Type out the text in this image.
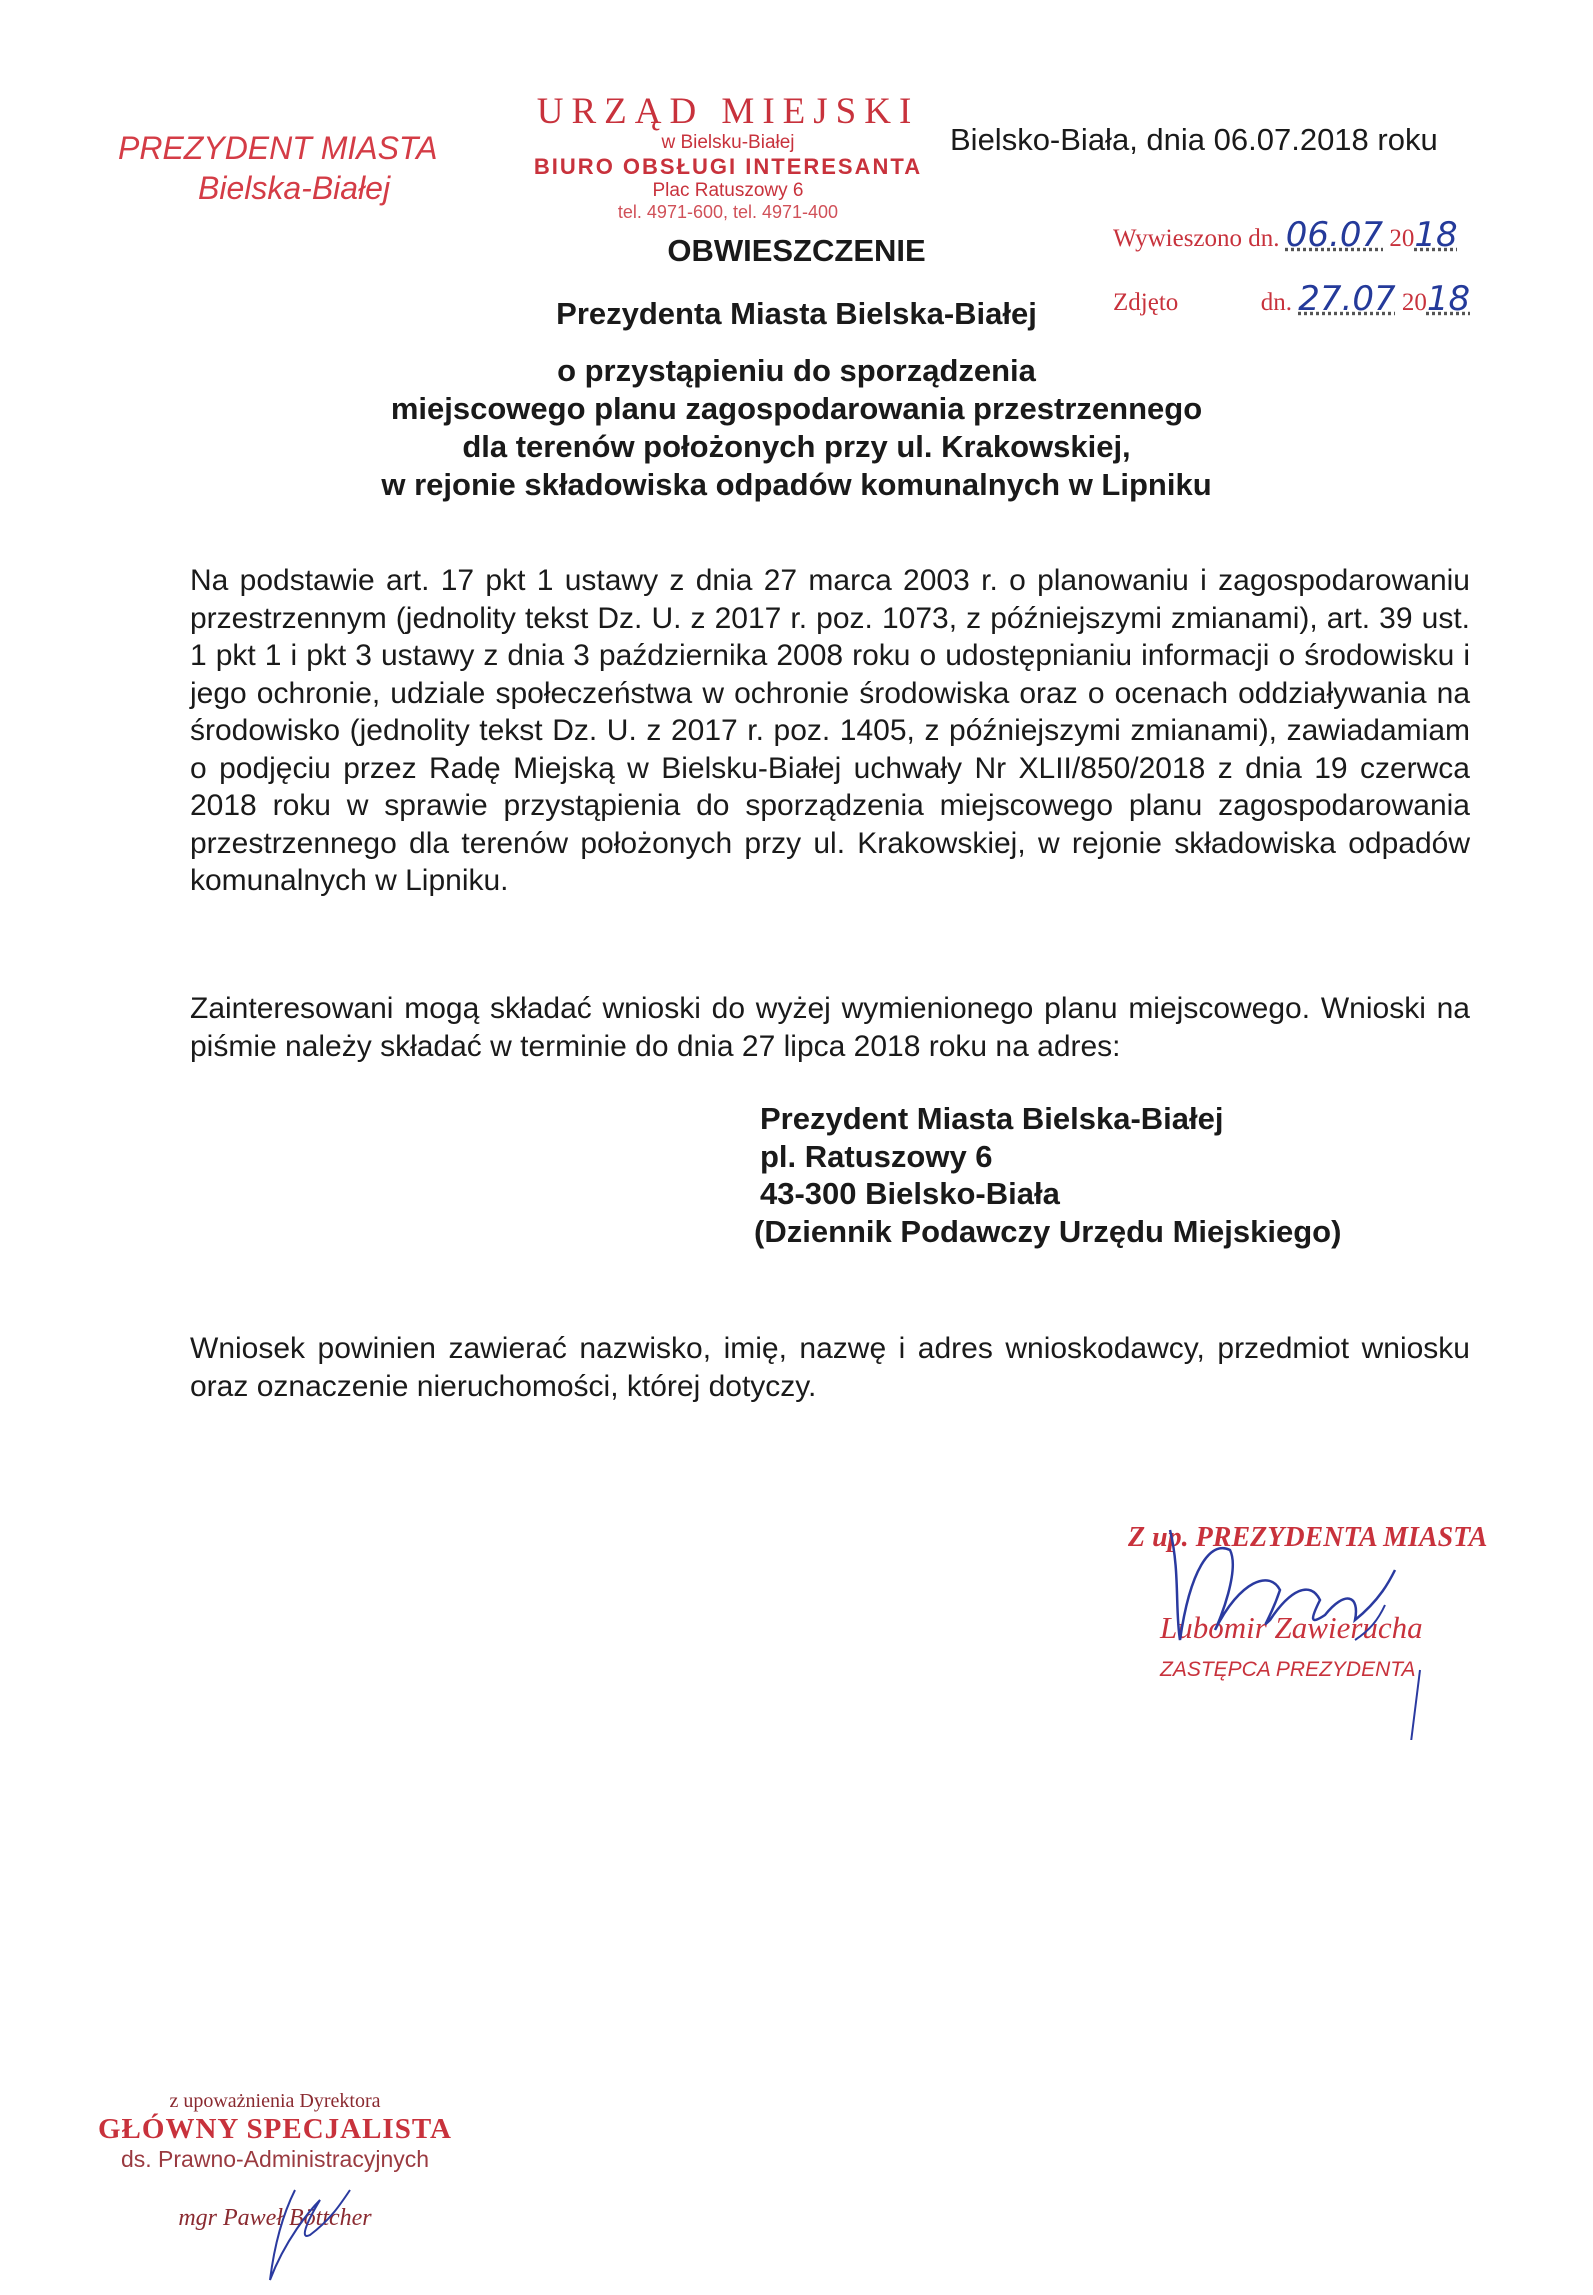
PREZYDENT MIASTA
Bielska-Białej
URZĄD MIEJSKI
w Bielsku-Białej
BIURO OBSŁUGI INTERESANTA
Plac Ratuszowy 6
tel. 4971-600, tel. 4971-400
Bielsko-Biała, dnia 06.07.2018 roku
Wywieszono dn. 06.07 2018
Zdjęto	dn. 27.07 2018
OBWIESZCZENIE
Prezydenta Miasta Bielska-Białej
o przystąpieniu do sporządzenia
miejscowego planu zagospodarowania przestrzennego
dla terenów położonych przy ul. Krakowskiej,
w rejonie składowiska odpadów komunalnych w Lipniku
Na podstawie art. 17 pkt 1 ustawy z dnia 27 marca 2003 r. o planowaniu i zagospodarowaniu przestrzennym (jednolity tekst Dz. U. z 2017 r. poz. 1073, z późniejszymi zmianami), art. 39 ust. 1 pkt 1 i pkt 3 ustawy z dnia 3 października 2008 roku o udostępnianiu informacji o środowisku i jego ochronie, udziale społeczeństwa w ochronie środowiska oraz o ocenach oddziaływania na środowisko (jednolity tekst Dz. U. z 2017 r. poz. 1405, z późniejszymi zmianami), zawiadamiam o podjęciu przez Radę Miejską w Bielsku-Białej uchwały Nr XLII/850/2018 z dnia 19 czerwca 2018 roku w sprawie przystąpienia do sporządzenia miejscowego planu zagospodarowania przestrzennego dla terenów położonych przy ul. Krakowskiej, w rejonie składowiska odpadów komunalnych w Lipniku.
Zainteresowani mogą składać wnioski do wyżej wymienionego planu miejscowego. Wnioski na piśmie należy składać w terminie do dnia 27 lipca 2018 roku na adres:
Prezydent Miasta Bielska-Białej
pl. Ratuszowy 6
43-300 Bielsko-Biała
(Dziennik Podawczy Urzędu Miejskiego)
Wniosek powinien zawierać nazwisko, imię, nazwę i adres wnioskodawcy, przedmiot wniosku oraz oznaczenie nieruchomości, której dotyczy.
Z up. PREZYDENTA MIASTA
Lubomir Zawierucha
ZASTĘPCA PREZYDENTA
z upoważnienia Dyrektora
GŁÓWNY SPECJALISTA
ds. Prawno-Administracyjnych
mgr Paweł Böttcher
